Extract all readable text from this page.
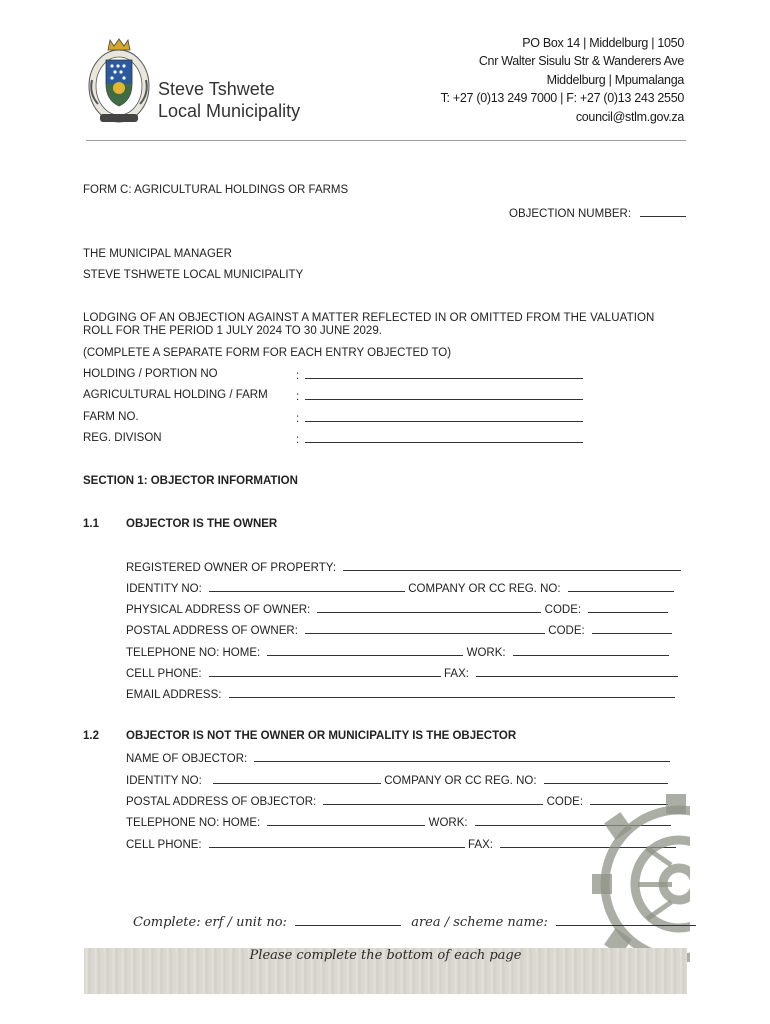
Steve Tshwete
Local Municipality
PO Box 14 | Middelburg | 1050
Cnr Walter Sisulu Str & Wanderers Ave
Middelburg | Mpumalanga
T: +27 (0)13 249 7000 | F: +27 (0)13 243 2550
council@stlm.gov.za
FORM C: AGRICULTURAL HOLDINGS OR FARMS
OBJECTION NUMBER:
THE MUNICIPAL MANAGER
STEVE TSHWETE LOCAL MUNICIPALITY
LODGING OF AN OBJECTION AGAINST A MATTER REFLECTED IN OR OMITTED FROM THE VALUATION
ROLL FOR THE PERIOD 1 JULY 2024 TO 30 JUNE 2029.
(COMPLETE A SEPARATE FORM FOR EACH ENTRY OBJECTED TO)
HOLDING / PORTION NO	:
AGRICULTURAL HOLDING / FARM :
FARM NO.	:
REG. DIVISON	:
SECTION 1: OBJECTOR INFORMATION
1.1 OBJECTOR IS THE OWNER
REGISTERED OWNER OF PROPERTY:
IDENTITY NO:	COMPANY OR CC REG. NO:
PHYSICAL ADDRESS OF OWNER:	CODE:
POSTAL ADDRESS OF OWNER:	CODE:
TELEPHONE NO: HOME:	WORK:
CELL PHONE:	FAX:
EMAIL ADDRESS:
1.2 OBJECTOR IS NOT THE OWNER OR MUNICIPALITY IS THE OBJECTOR
NAME OF OBJECTOR:
IDENTITY NO:	COMPANY OR CC REG. NO:
POSTAL ADDRESS OF OBJECTOR:	CODE:
TELEPHONE NO: HOME:	WORK:
CELL PHONE:	FAX:
Complete: erf / unit no:	area / scheme name:
Please complete the bottom of each page
